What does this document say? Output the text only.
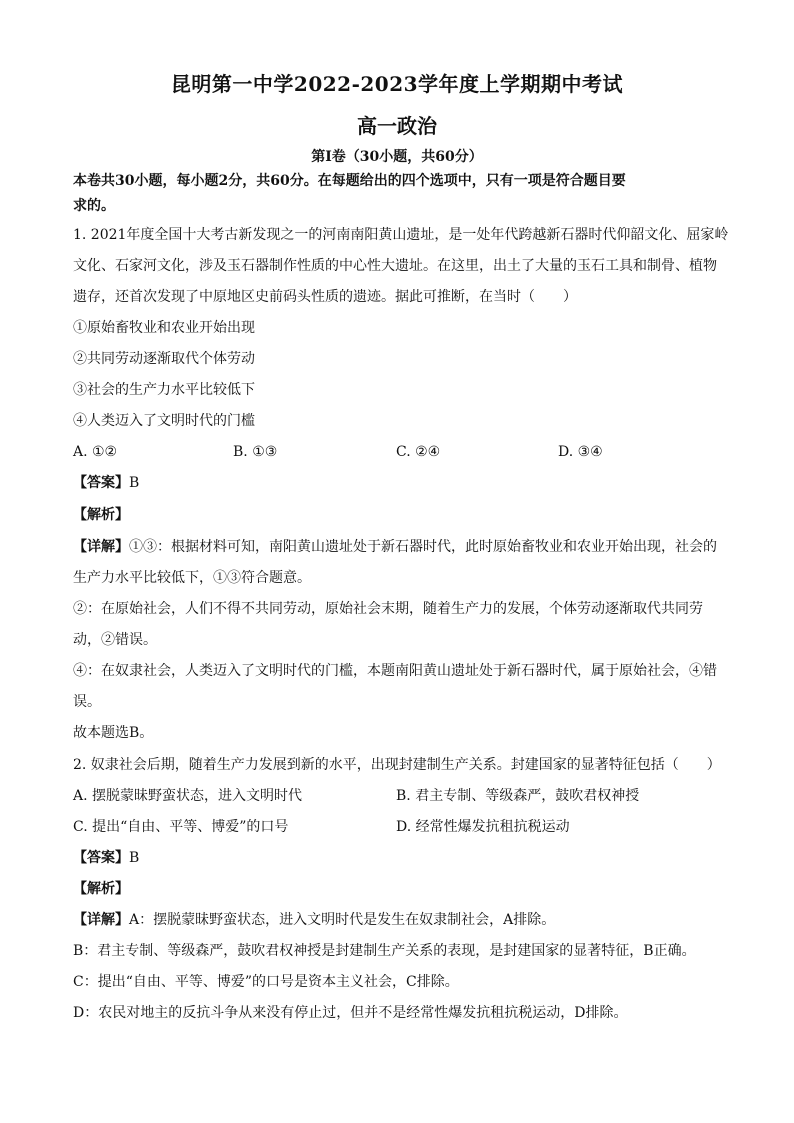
昆明第一中学2022-2023学年度上学期期中考试
高一政治
第Ⅰ卷（30小题，共60分）
本卷共30小题，每小题2分，共60分。在每题给出的四个选项中，只有一项是符合题目要
求的。
1. 2021年度全国十大考古新发现之一的河南南阳黄山遗址，是一处年代跨越新石器时代仰韶文化、屈家岭
文化、石家河文化，涉及玉石器制作性质的中心性大遗址。在这里，出土了大量的玉石工具和制骨、植物
遗存，还首次发现了中原地区史前码头性质的遗迹。据此可推断，在当时（　　）
①原始畜牧业和农业开始出现
②共同劳动逐渐取代个体劳动
③社会的生产力水平比较低下
④人类迈入了文明时代的门槛
A. ①②	B. ①③	C. ②④	D. ③④
【答案】B
【解析】
【详解】①③：根据材料可知，南阳黄山遗址处于新石器时代，此时原始畜牧业和农业开始出现，社会的
生产力水平比较低下，①③符合题意。
②：在原始社会，人们不得不共同劳动，原始社会末期，随着生产力的发展，个体劳动逐渐取代共同劳
动，②错误。
④：在奴隶社会，人类迈入了文明时代的门槛，本题南阳黄山遗址处于新石器时代，属于原始社会，④错
误。
故本题选B。
2. 奴隶社会后期，随着生产力发展到新的水平，出现封建制生产关系。封建国家的显著特征包括（　　）
A. 摆脱蒙昧野蛮状态，进入文明时代	B. 君主专制、等级森严，鼓吹君权神授
C. 提出“自由、平等、博爱”的口号	D. 经常性爆发抗租抗税运动
【答案】B
【解析】
【详解】A：摆脱蒙昧野蛮状态，进入文明时代是发生在奴隶制社会，A排除。
B：君主专制、等级森严，鼓吹君权神授是封建制生产关系的表现，是封建国家的显著特征，B正确。
C：提出“自由、平等、博爱”的口号是资本主义社会，C排除。
D：农民对地主的反抗斗争从来没有停止过，但并不是经常性爆发抗租抗税运动，D排除。
